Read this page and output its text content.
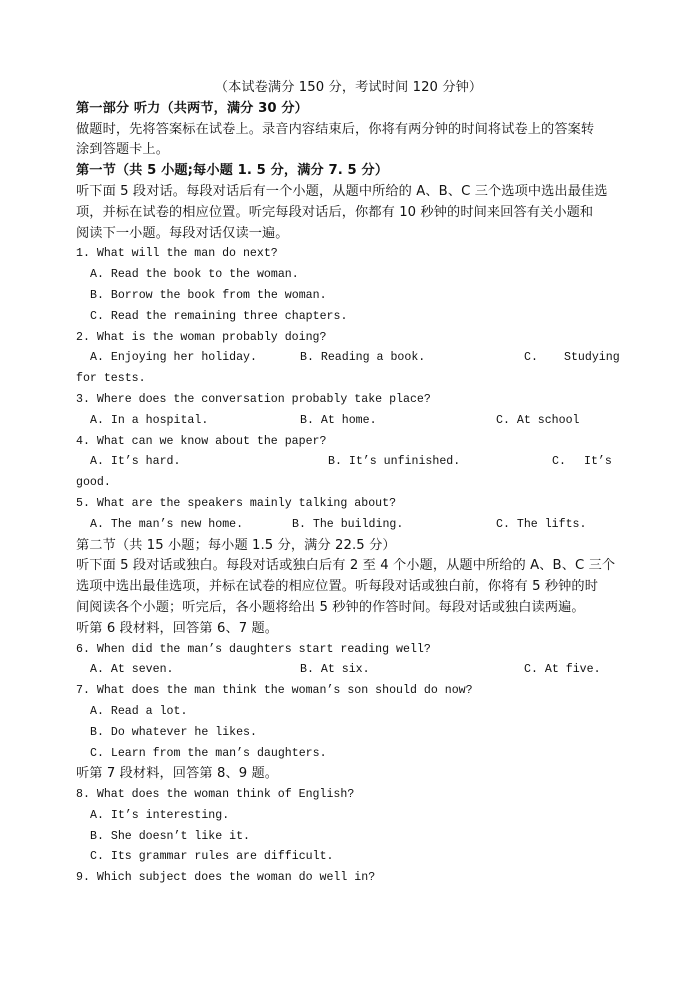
（本试卷满分 150 分，考试时间 120 分钟）
第一部分 听力（共两节，满分 30 分）
做题时，先将答案标在试卷上。录音内容结束后，你将有两分钟的时间将试卷上的答案转
涂到答题卡上。
第一节（共 5 小题;每小题 1. 5 分，满分 7. 5 分）
听下面 5 段对话。每段对话后有一个小题，从题中所给的 A、B、C 三个选项中选出最佳选
项，并标在试卷的相应位置。听完每段对话后，你都有 10 秒钟的时间来回答有关小题和
阅读下一小题。每段对话仅读一遍。
1. What will the man do next?
A. Read the book to the woman.
B. Borrow the book from the woman.
C. Read the remaining three chapters.
2. What is the woman probably doing?
A. Enjoying her holiday.	B. Reading a book.	C. Studying
for tests.
3. Where does the conversation probably take place?
A. In a hospital.	B. At home.	C. At school
4. What can we know about the paper?
A. It’s hard.	B. It’s unfinished.	C. It’s
good.
5. What are the speakers mainly talking about?
A. The man’s new home.	B. The building.	C. The lifts.
第二节（共 15 小题；每小题 1.5 分，满分 22.5 分）
听下面 5 段对话或独白。每段对话或独白后有 2 至 4 个小题，从题中所给的 A、B、C 三个
选项中选出最佳选项，并标在试卷的相应位置。听每段对话或独白前，你将有 5 秒钟的时
间阅读各个小题；听完后，各小题将给出 5 秒钟的作答时间。每段对话或独白读两遍。
听第 6 段材料，回答第 6、7 题。
6. When did the man’s daughters start reading well?
A. At seven.	B. At six.	C. At five.
7. What does the man think the woman’s son should do now?
A. Read a lot.
B. Do whatever he likes.
C. Learn from the man’s daughters.
听第 7 段材料，回答第 8、9 题。
8. What does the woman think of English?
A. It’s interesting.
B. She doesn’t like it.
C. Its grammar rules are difficult.
9. Which subject does the woman do well in?
